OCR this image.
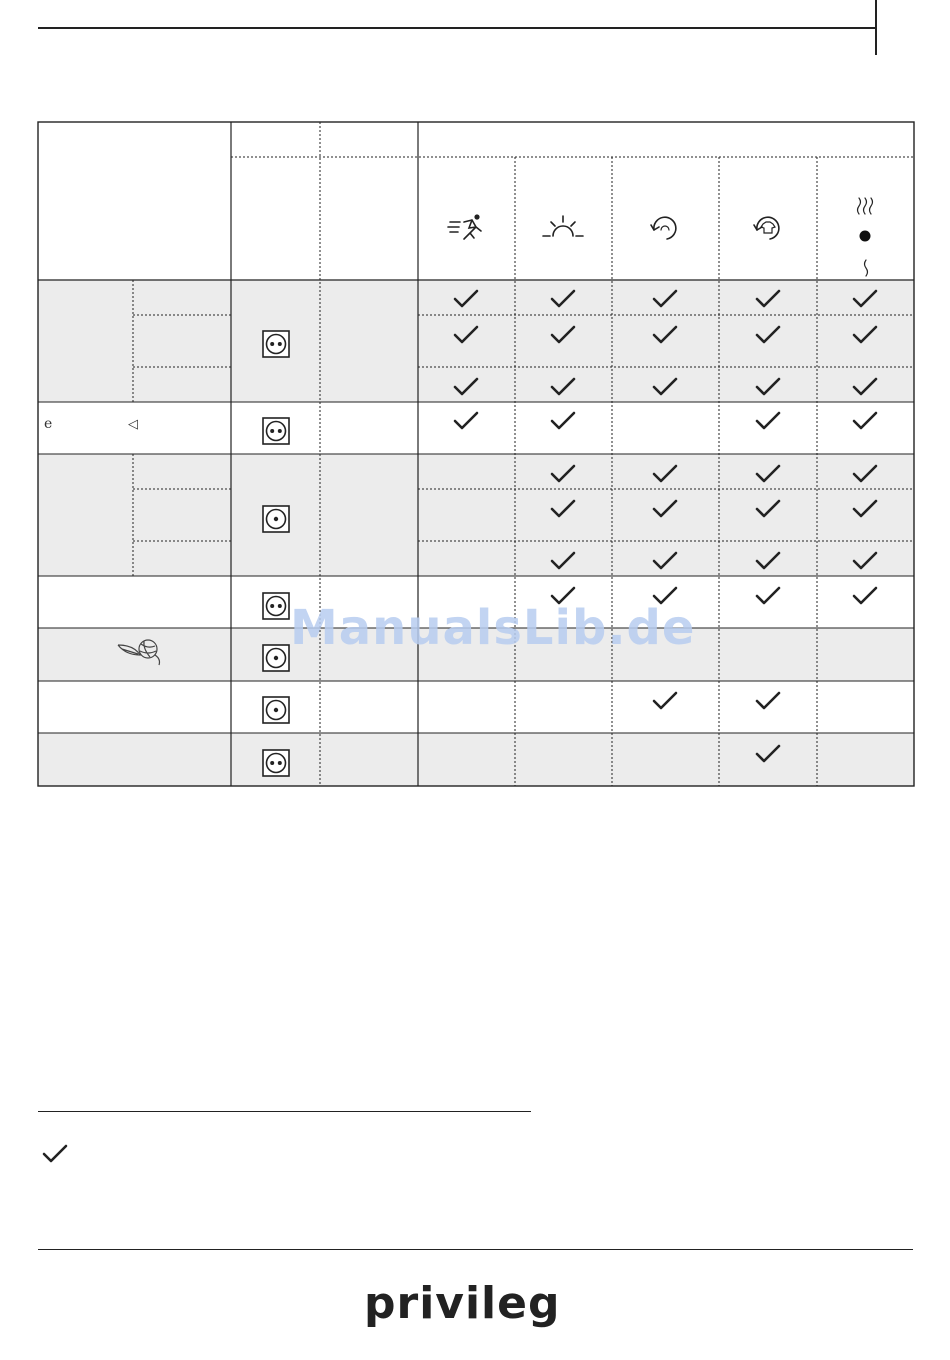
e	◁
ManualsLib.de
privileg
